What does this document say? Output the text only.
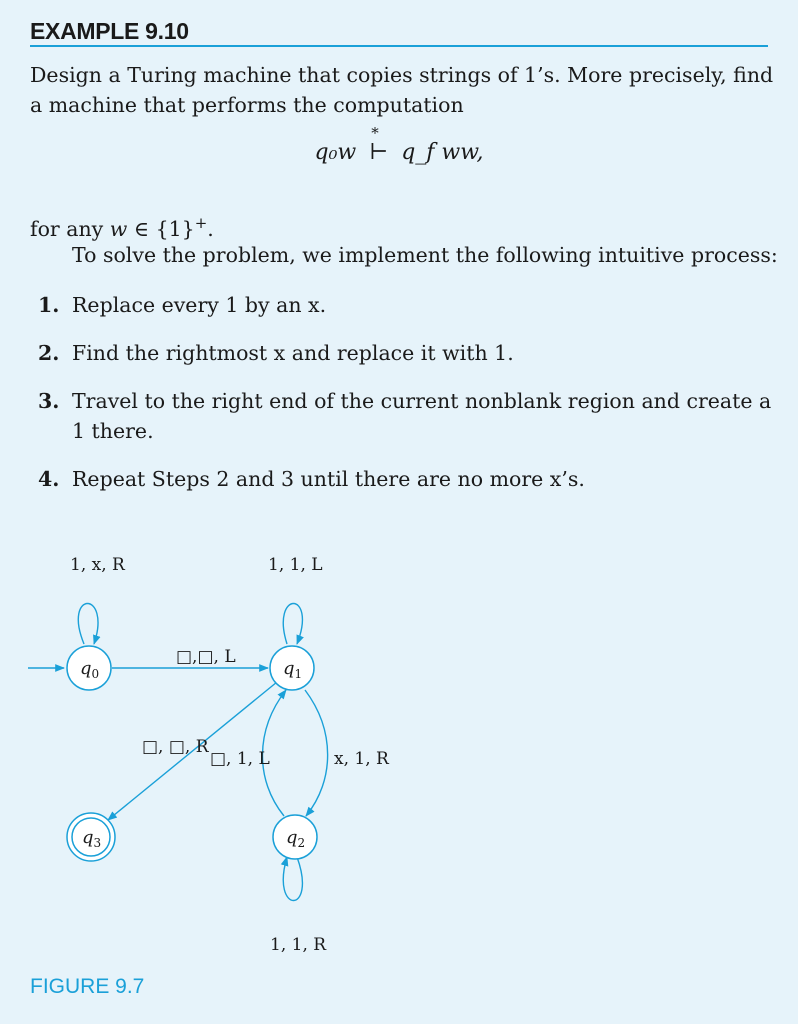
EXAMPLE 9.10

Design a Turing machine that copies strings of 1’s. More precisely, find a machine that performs the computation

q₀w
*
⊢ q_f ww,

for any w ∈ {1}+.

To solve the problem, we implement the following intuitive process:

1. Replace every 1 by an x.
2. Find the rightmost x and replace it with 1.
3. Travel to the right end of the current nonblank region and create a 1 there.
4. Repeat Steps 2 and 3 until there are no more x’s.
$q_0$	$q_1$
$q_2$
$q_3$
1, x, R
□,□, L
1, 1, L
□, □, R
x, 1, R
□, 1, L
1, 1, R
FIGURE 9.7
